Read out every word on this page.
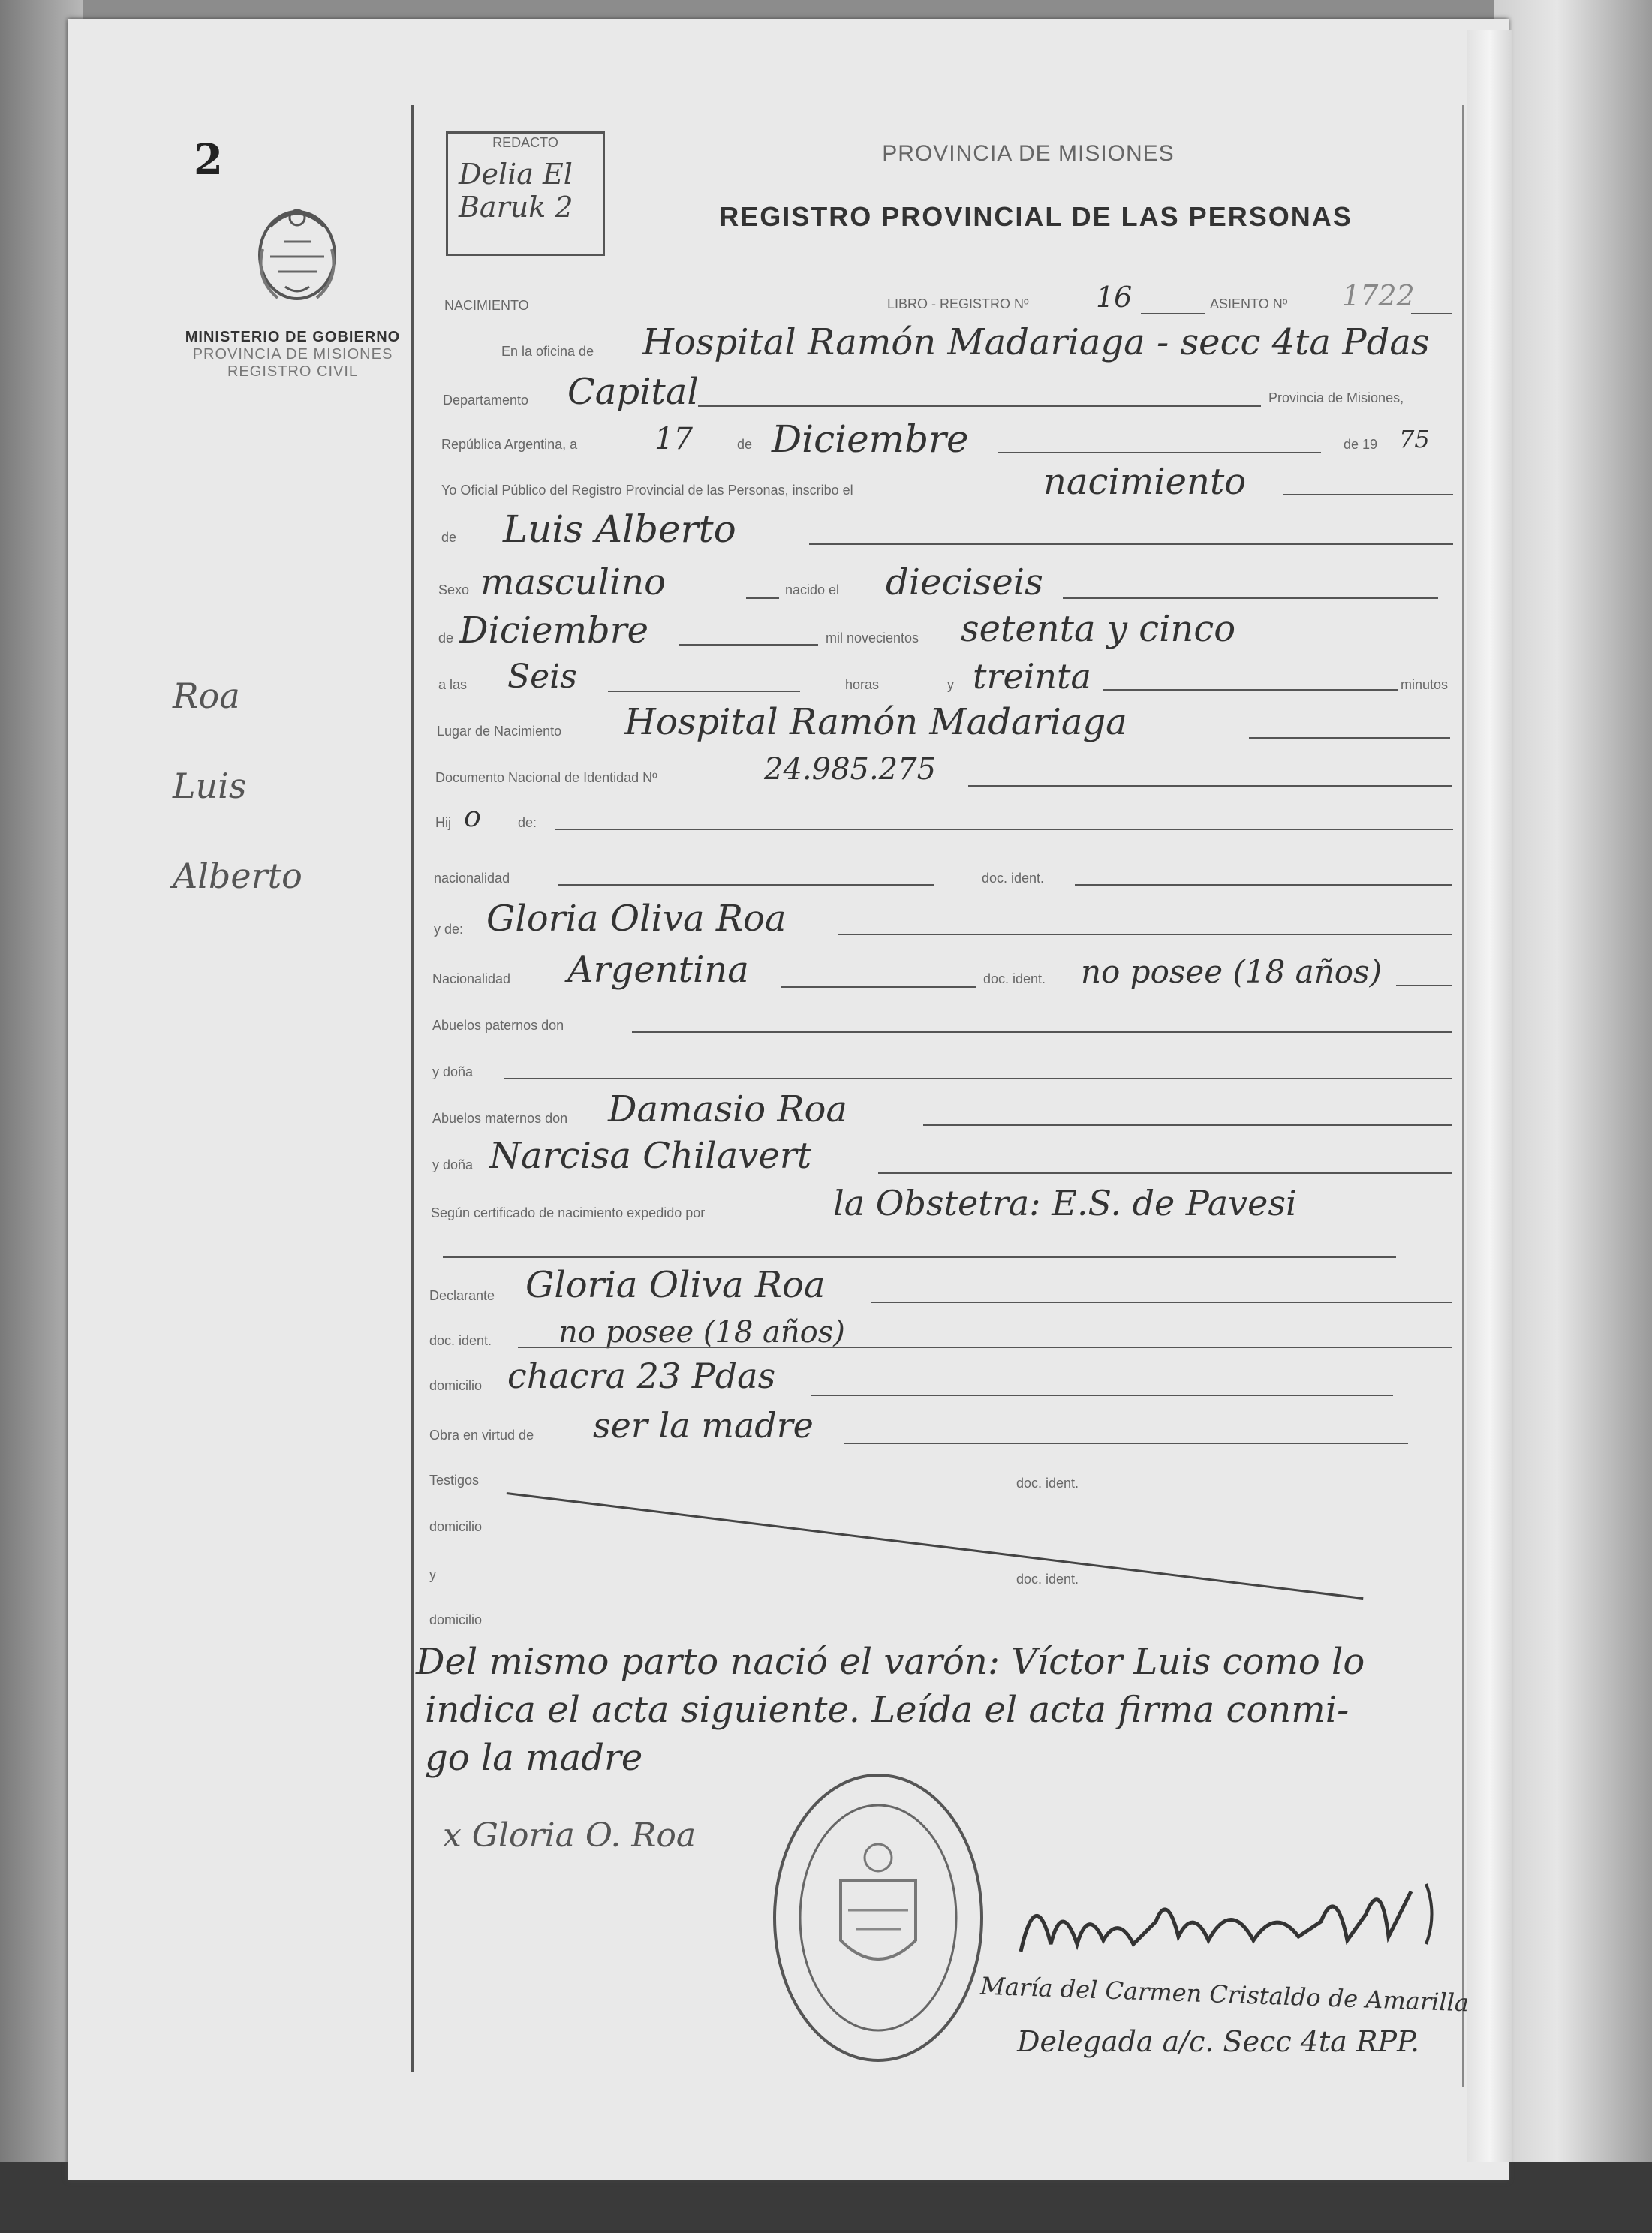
2
MINISTERIO DE GOBIERNO
PROVINCIA DE MISIONES
REGISTRO CIVIL
Roa
Luis
Alberto
REDACTO
Delia El Baruk 2
PROVINCIA DE MISIONES
REGISTRO PROVINCIAL DE LAS PERSONAS
NACIMIENTO	LIBRO - REGISTRO Nº 16	ASIENTO Nº 1722
En la oficina de Hospital Ramón Madariaga - secc 4ta Pdas
Departamento Capital	Provincia de Misiones,
República Argentina, a	17	de Diciembre	de 19 75
Yo Oficial Público del Registro Provincial de las Personas, inscribo el	nacimiento
de Luis Alberto
Sexo masculino	nacido el dieciseis
de Diciembre	mil novecientos setenta y cinco
a las Seis	horas	y treinta	minutos
Lugar de Nacimiento Hospital Ramón Madariaga
Documento Nacional de Identidad Nº	24.985.275
Hij o	de:
nacionalidad	doc. ident.
y de: Gloria Oliva Roa
Nacionalidad Argentina	doc. ident. no posee (18 años)
Abuelos paternos don
y doña
Abuelos maternos don Damasio Roa
y doña Narcisa Chilavert
Según certificado de nacimiento expedido por	la Obstetra: E.S. de Pavesi
Declarante Gloria Oliva Roa
doc. ident. no posee (18 años)
domicilio chacra 23 Pdas
Obra en virtud de ser la madre
Testigos	doc. ident.
domicilio
y	doc. ident.
domicilio
Del mismo parto nació el varón: Víctor Luis como lo
indica el acta siguiente. Leída el acta firma conmi-
go la madre
x Gloria O. Roa
María del Carmen Cristaldo de Amarilla
Delegada a/c. Secc 4ta RPP.
